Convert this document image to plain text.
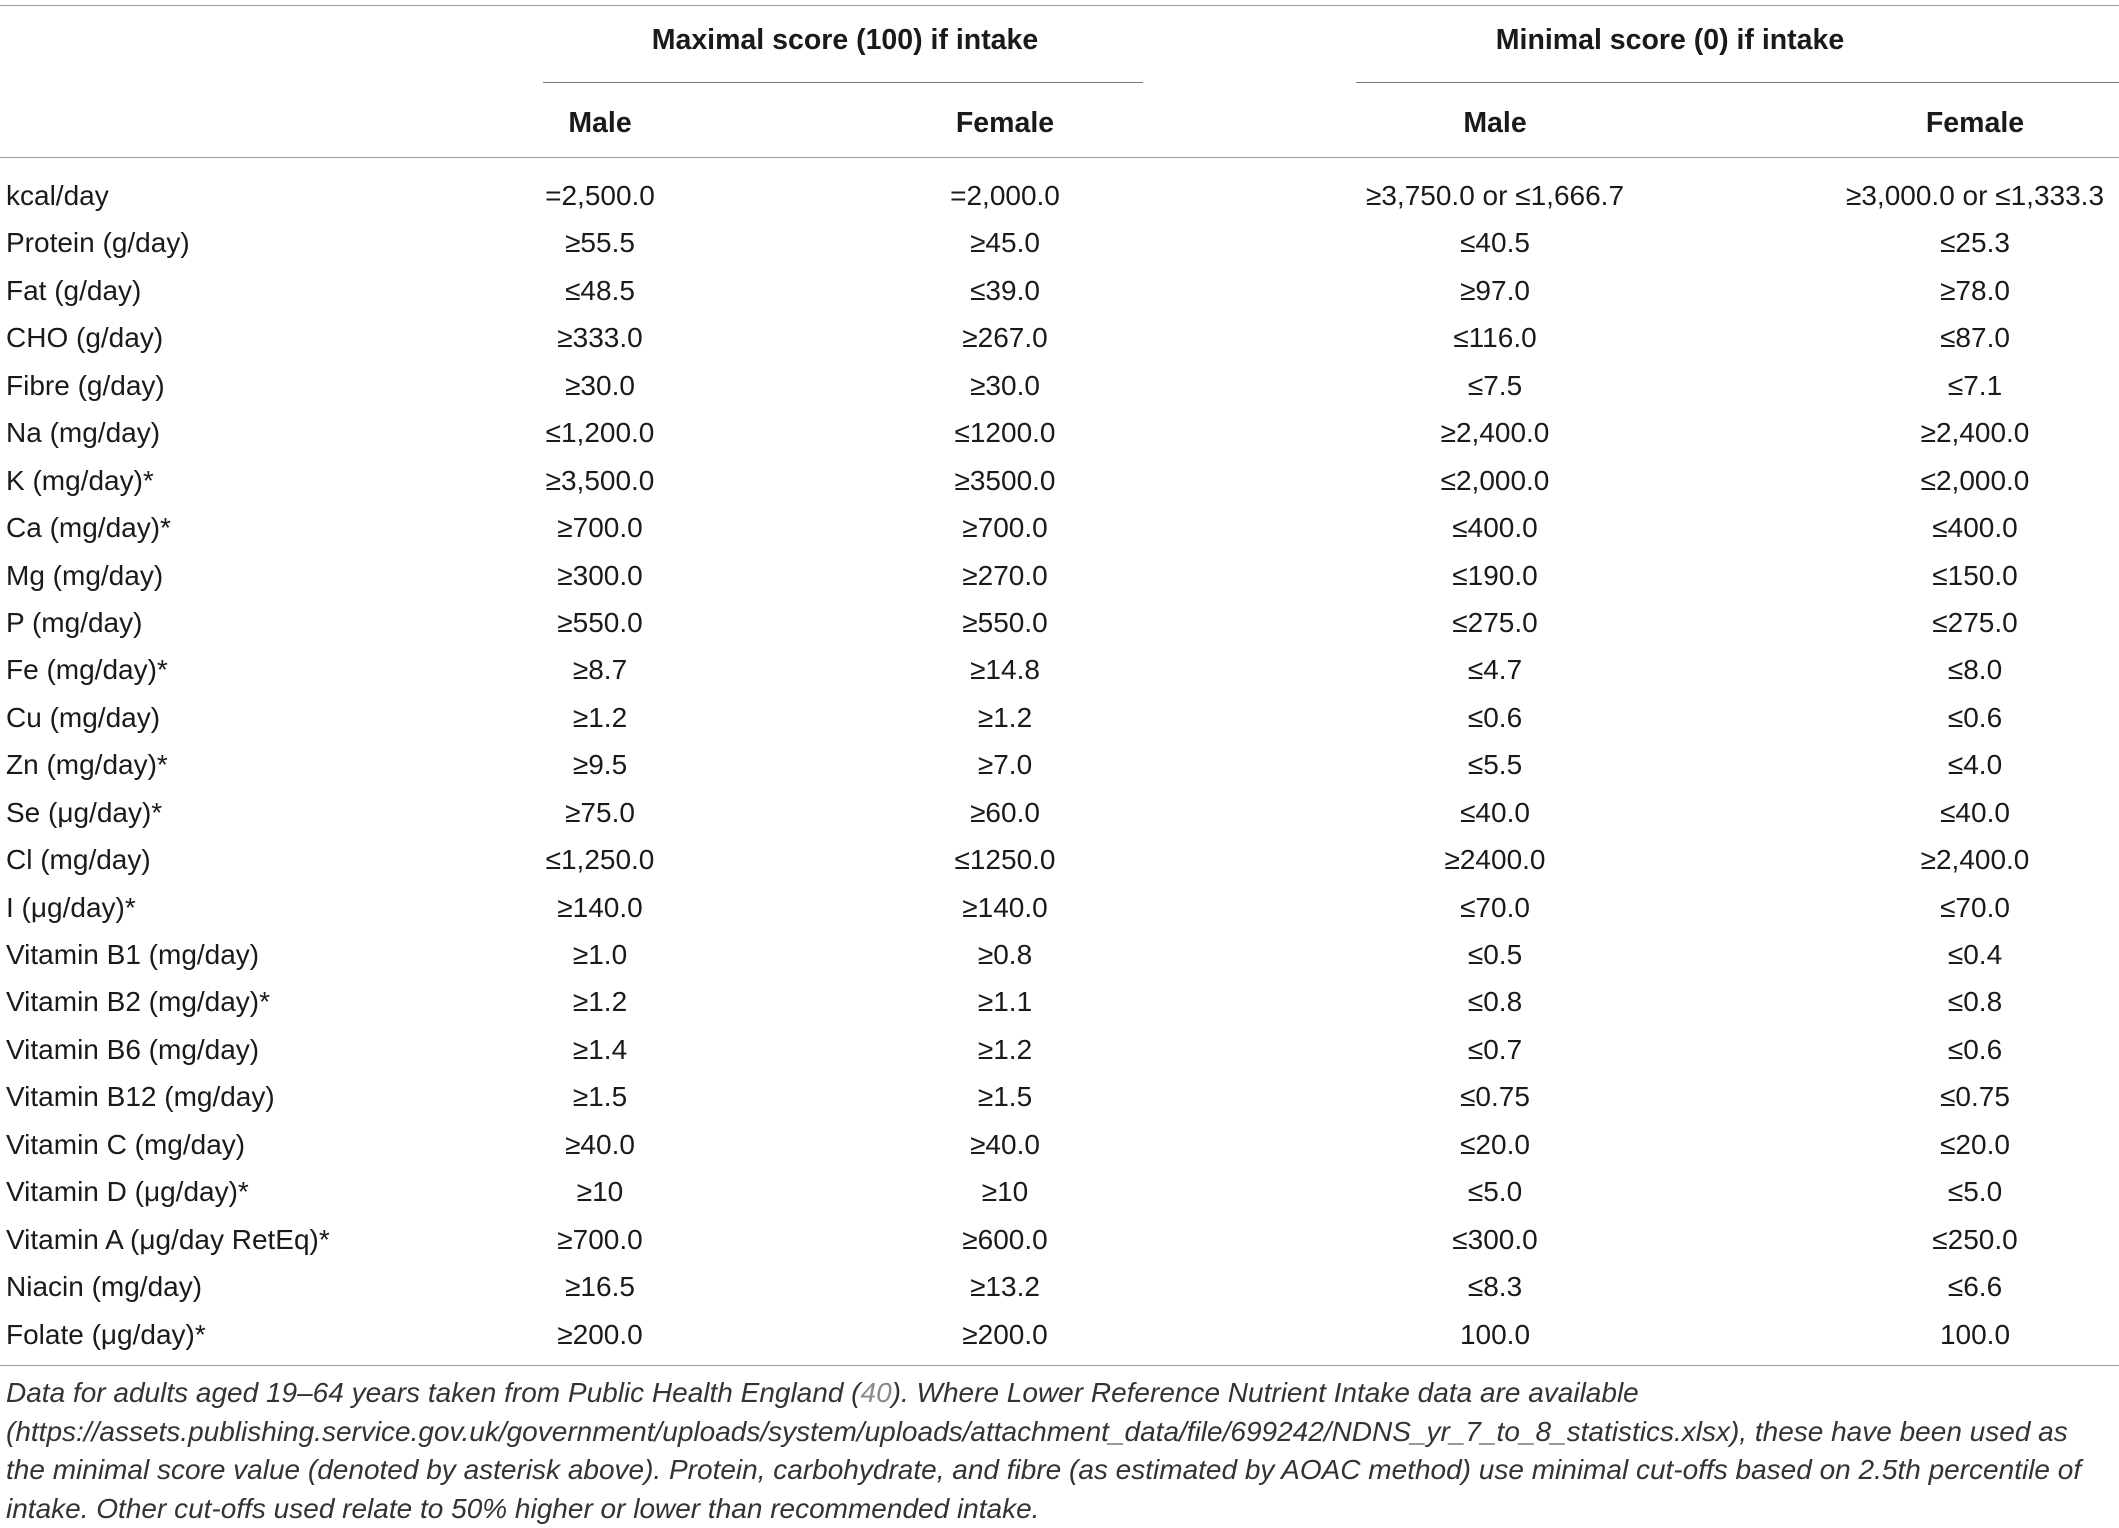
Maximal score (100) if intake	Minimal score (0) if intake
Male	Female	Male	Female
kcal/day	=2,500.0	=2,000.0	≥3,750.0 or ≤1,666.7	≥3,000.0 or ≤1,333.3
Protein (g/day)	≥55.5	≥45.0	≤40.5	≤25.3
Fat (g/day)	≤48.5	≤39.0	≥97.0	≥78.0
CHO (g/day)	≥333.0	≥267.0	≤116.0	≤87.0
Fibre (g/day)	≥30.0	≥30.0	≤7.5	≤7.1
Na (mg/day)	≤1,200.0	≤1200.0	≥2,400.0	≥2,400.0
K (mg/day)*	≥3,500.0	≥3500.0	≤2,000.0	≤2,000.0
Ca (mg/day)*	≥700.0	≥700.0	≤400.0	≤400.0
Mg (mg/day)	≥300.0	≥270.0	≤190.0	≤150.0
P (mg/day)	≥550.0	≥550.0	≤275.0	≤275.0
Fe (mg/day)*	≥8.7	≥14.8	≤4.7	≤8.0
Cu (mg/day)	≥1.2	≥1.2	≤0.6	≤0.6
Zn (mg/day)*	≥9.5	≥7.0	≤5.5	≤4.0
Se (μg/day)*	≥75.0	≥60.0	≤40.0	≤40.0
Cl (mg/day)	≤1,250.0	≤1250.0	≥2400.0	≥2,400.0
I (μg/day)*	≥140.0	≥140.0	≤70.0	≤70.0
Vitamin B1 (mg/day)	≥1.0	≥0.8	≤0.5	≤0.4
Vitamin B2 (mg/day)*	≥1.2	≥1.1	≤0.8	≤0.8
Vitamin B6 (mg/day)	≥1.4	≥1.2	≤0.7	≤0.6
Vitamin B12 (mg/day)	≥1.5	≥1.5	≤0.75	≤0.75
Vitamin C (mg/day)	≥40.0	≥40.0	≤20.0	≤20.0
Vitamin D (μg/day)*	≥10	≥10	≤5.0	≤5.0
Vitamin A (μg/day RetEq)*	≥700.0	≥600.0	≤300.0	≤250.0
Niacin (mg/day)	≥16.5	≥13.2	≤8.3	≤6.6
Folate (μg/day)*	≥200.0	≥200.0	100.0	100.0
Data for adults aged 19–64 years taken from Public Health England (40). Where Lower Reference Nutrient Intake data are available (https://assets.publishing.service.gov.uk/government/uploads/system/uploads/attachment_data/file/699242/NDNS_yr_7_to_8_statistics.xlsx), these have been used as the minimal score value (denoted by asterisk above). Protein, carbohydrate, and fibre (as estimated by AOAC method) use minimal cut-offs based on 2.5th percentile of intake. Other cut-offs used relate to 50% higher or lower than recommended intake.
